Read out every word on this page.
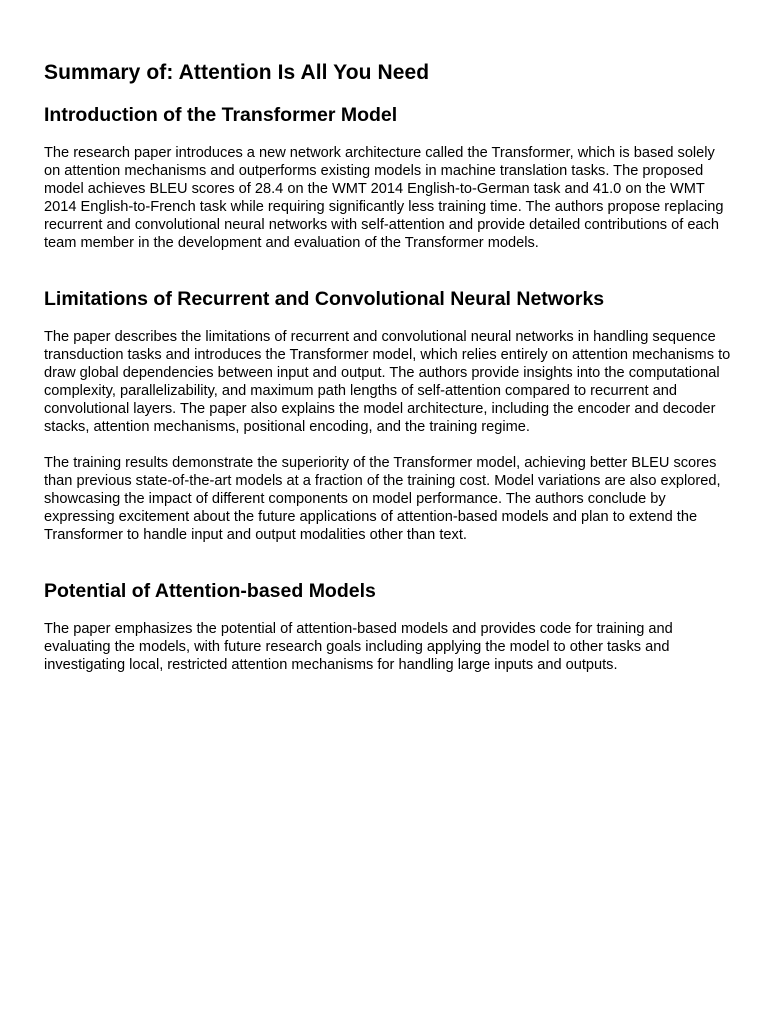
Summary of: Attention Is All You Need
Introduction of the Transformer Model

The research paper introduces a new network architecture called the Transformer, which is based solely on attention mechanisms and outperforms existing models in machine translation tasks. The proposed model achieves BLEU scores of 28.4 on the WMT 2014 English-to-German task and 41.0 on the WMT 2014 English-to-French task while requiring significantly less training time. The authors propose replacing recurrent and convolutional neural networks with self-attention and provide detailed contributions of each team member in the development and evaluation of the Transformer models.

Limitations of Recurrent and Convolutional Neural Networks

The paper describes the limitations of recurrent and convolutional neural networks in handling sequence transduction tasks and introduces the Transformer model, which relies entirely on attention mechanisms to draw global dependencies between input and output. The authors provide insights into the computational complexity, parallelizability, and maximum path lengths of self-attention compared to recurrent and convolutional layers. The paper also explains the model architecture, including the encoder and decoder stacks, attention mechanisms, positional encoding, and the training regime.

The training results demonstrate the superiority of the Transformer model, achieving better BLEU scores than previous state-of-the-art models at a fraction of the training cost. Model variations are also explored, showcasing the impact of different components on model performance. The authors conclude by expressing excitement about the future applications of attention-based models and plan to extend the Transformer to handle input and output modalities other than text.

Potential of Attention-based Models

The paper emphasizes the potential of attention-based models and provides code for training and evaluating the models, with future research goals including applying the model to other tasks and investigating local, restricted attention mechanisms for handling large inputs and outputs.
